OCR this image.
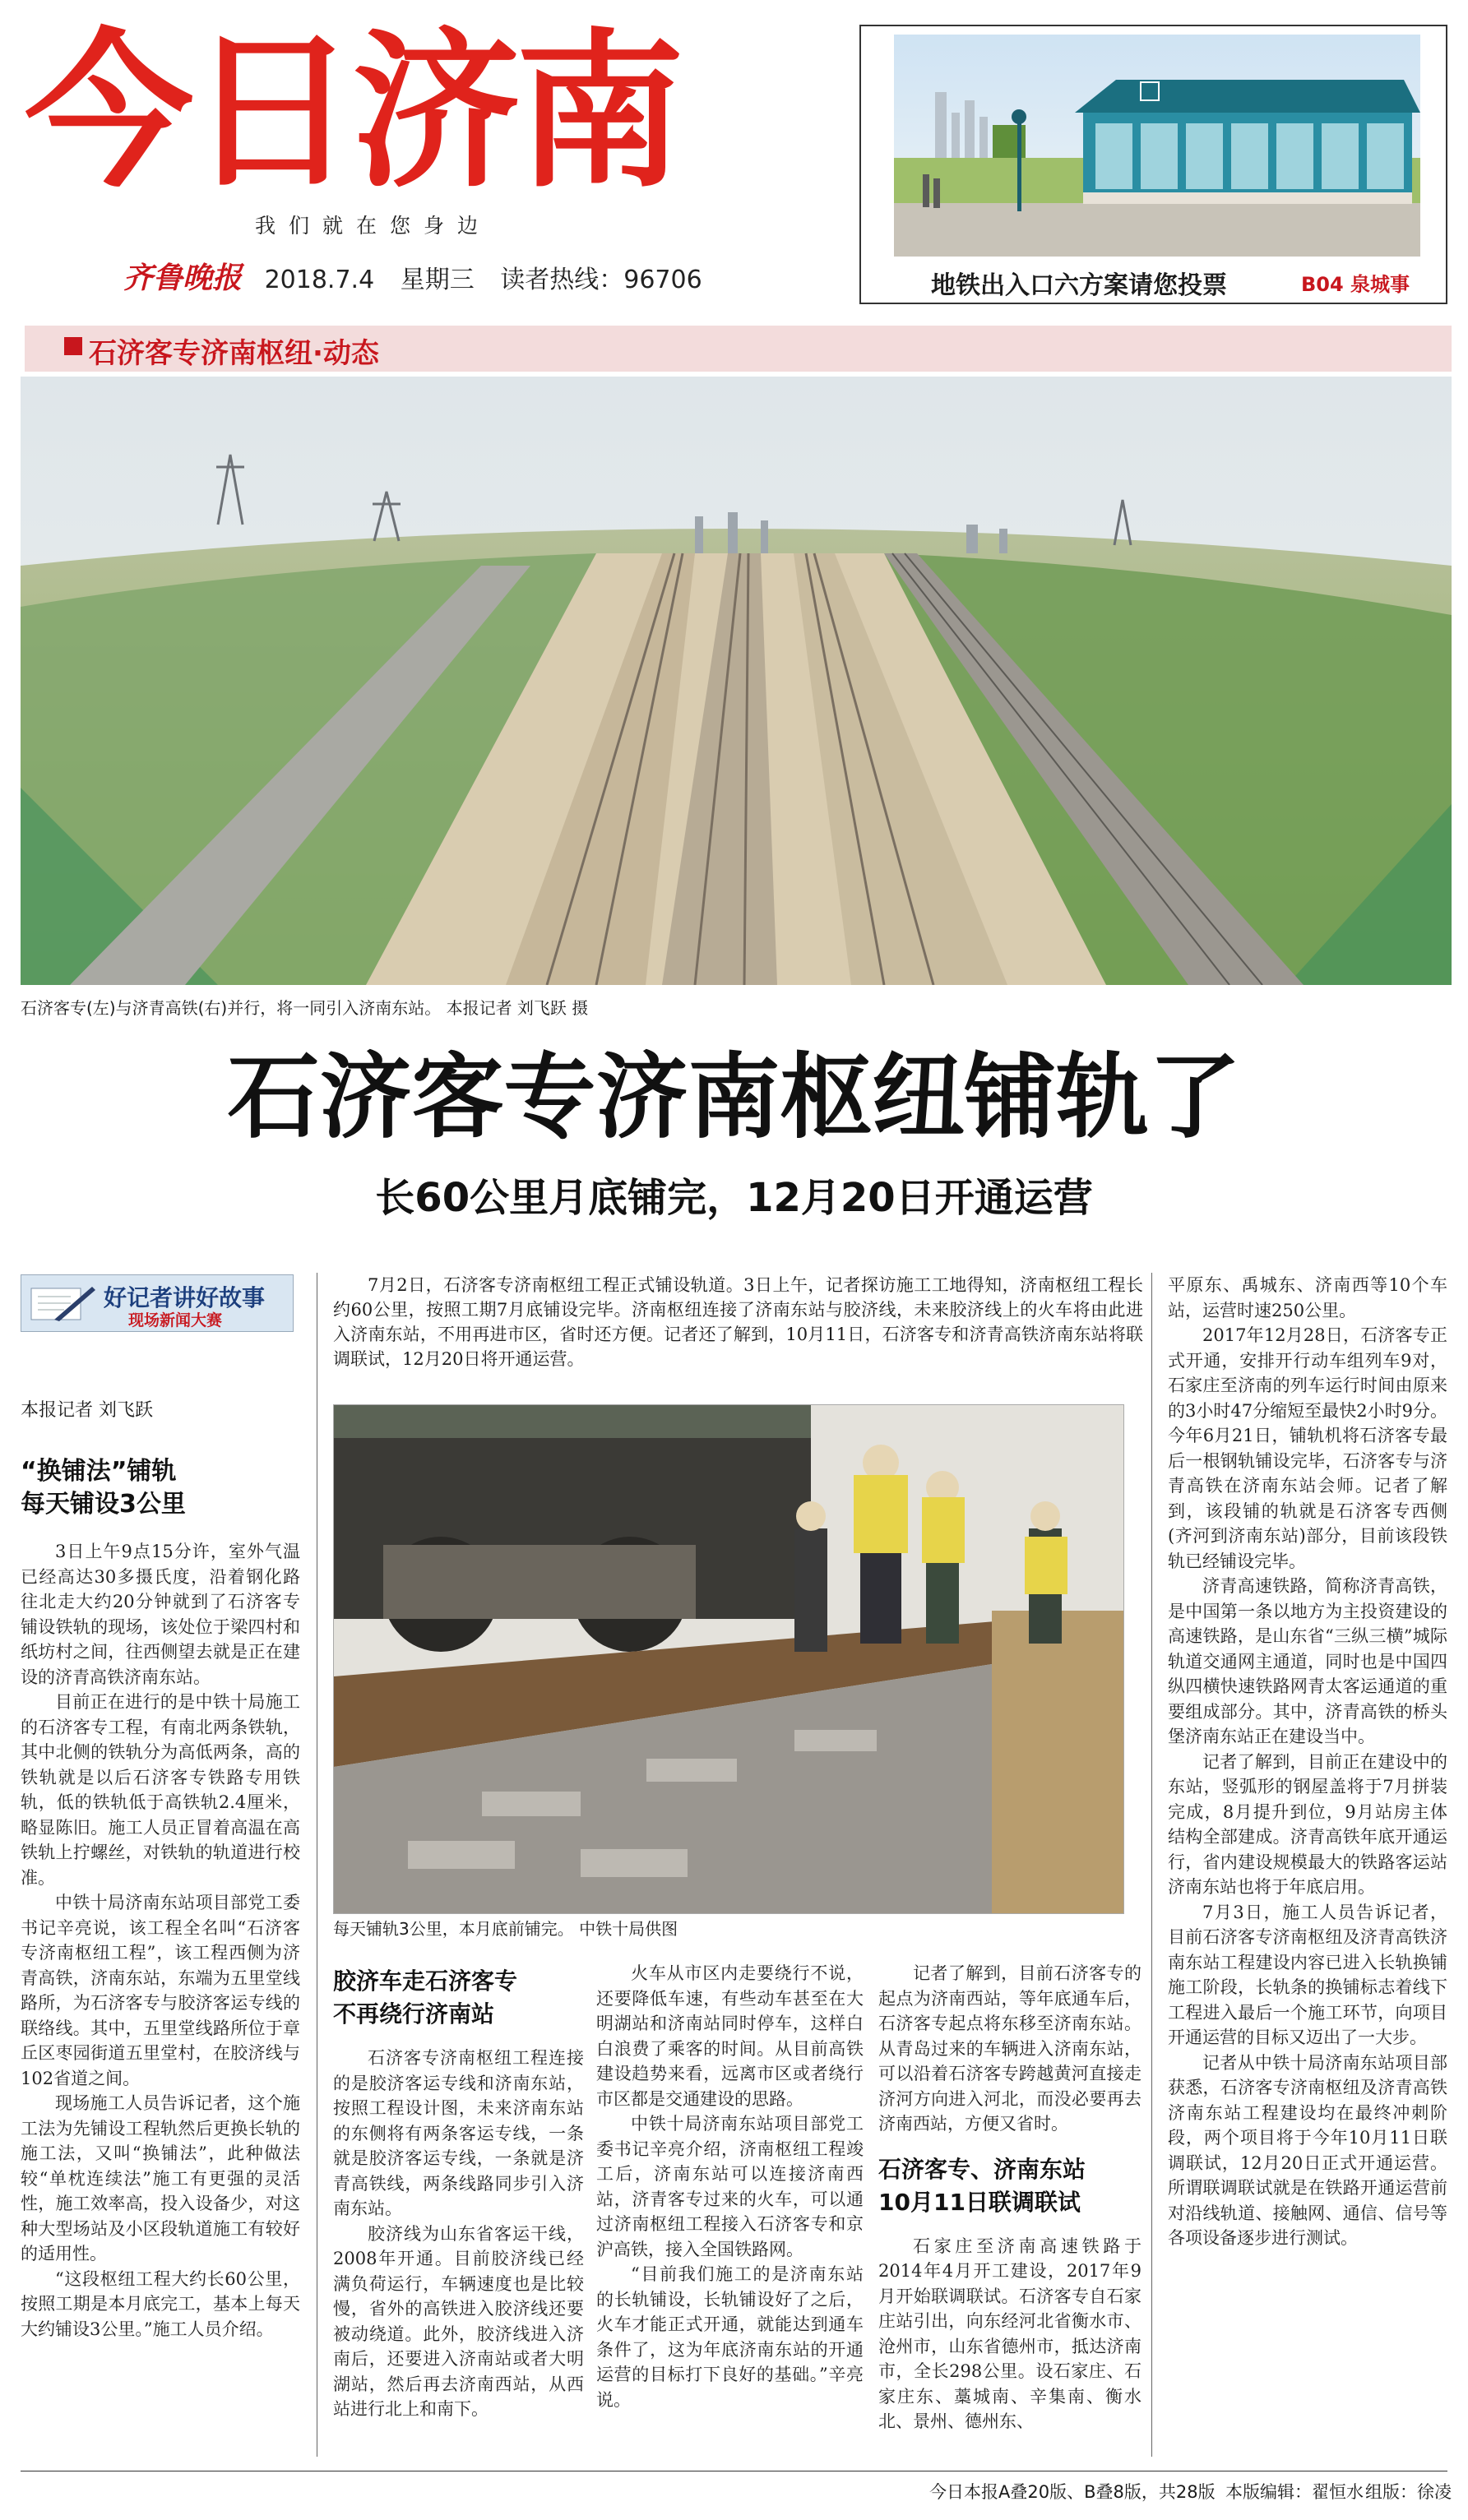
今日济南
我们就在您身边
齐鲁晚报 2018.7.4 星期三 读者热线：96706	地铁出入口六方案请您投票	B04 泉城事
石济客专济南枢纽·动态
石济客专(左)与济青高铁(右)并行，将一同引入济南东站。 本报记者 刘飞跃 摄
石济客专济南枢纽铺轨了
长60公里月底铺完，12月20日开通运营
好记者讲好故事
现场新闻大赛
本报记者 刘飞跃

7月2日，石济客专济南枢纽工程正式铺设轨道。3日上午，记者探访施工工地得知，济南枢纽工程长约60公里，按照工期7月底铺设完毕。济南枢纽连接了济南东站与胶济线，未来胶济线上的火车将由此进入济南东站，不用再进市区，省时还方便。记者还了解到，10月11日，石济客专和济青高铁济南东站将联调联试，12月20日将开通运营。

每天铺轨3公里，本月底前铺完。 中铁十局供图
“换铺法”铺轨
每天铺设3公里

3日上午9点15分许，室外气温已经高达30多摄氏度，沿着钢化路往北走大约20分钟就到了石济客专铺设铁轨的现场，该处位于梁四村和纸坊村之间，往西侧望去就是正在建设的济青高铁济南东站。

目前正在进行的是中铁十局施工的石济客专工程，有南北两条铁轨，其中北侧的铁轨分为高低两条，高的铁轨就是以后石济客专铁路专用铁轨，低的铁轨低于高铁轨2.4厘米，略显陈旧。施工人员正冒着高温在高铁轨上拧螺丝，对铁轨的轨道进行校准。

中铁十局济南东站项目部党工委书记辛亮说，该工程全名叫“石济客专济南枢纽工程”，该工程西侧为济青高铁，济南东站，东端为五里堂线路所，为石济客专与胶济客运专线的联络线。其中，五里堂线路所位于章丘区枣园街道五里堂村，在胶济线与102省道之间。

现场施工人员告诉记者，这个施工法为先铺设工程轨然后更换长轨的施工法，又叫“换铺法”，此种做法较“单枕连续法”施工有更强的灵活性，施工效率高，投入设备少，对这种大型场站及小区段轨道施工有较好的适用性。

“这段枢纽工程大约长60公里，按照工期是本月底完工，基本上每天大约铺设3公里。”施工人员介绍。

胶济车走石济客专
不再绕行济南站

石济客专济南枢纽工程连接的是胶济客运专线和济南东站，按照工程设计图，未来济南东站的东侧将有两条客运专线，一条就是胶济客运专线，一条就是济青高铁线，两条线路同步引入济南东站。

胶济线为山东省客运干线，2008年开通。目前胶济线已经满负荷运行，车辆速度也是比较慢，省外的高铁进入胶济线还要被动绕道。此外，胶济线进入济南后，还要进入济南站或者大明湖站，然后再去济南西站，从西站进行北上和南下。

火车从市区内走要绕行不说，还要降低车速，有些动车甚至在大明湖站和济南站同时停车，这样白白浪费了乘客的时间。从目前高铁建设趋势来看，远离市区或者绕行市区都是交通建设的思路。

中铁十局济南东站项目部党工委书记辛亮介绍，济南枢纽工程竣工后，济南东站可以连接济南西站，济青客专过来的火车，可以通过济南枢纽工程接入石济客专和京沪高铁，接入全国铁路网。

“目前我们施工的是济南东站的长轨铺设，长轨铺设好了之后，火车才能正式开通，就能达到通车条件了，这为年底济南东站的开通运营的目标打下良好的基础。”辛亮说。

记者了解到，目前石济客专的起点为济南西站，等年底通车后，石济客专起点将东移至济南东站。从青岛过来的车辆进入济南东站，可以沿着石济客专跨越黄河直接走济河方向进入河北，而没必要再去济南西站，方便又省时。

石济客专、济南东站
10月11日联调联试

石家庄至济南高速铁路于2014年4月开工建设，2017年9月开始联调联试。石济客专自石家庄站引出，向东经河北省衡水市、沧州市，山东省德州市，抵达济南市，全长298公里。设石家庄、石家庄东、藁城南、辛集南、衡水北、景州、德州东、

平原东、禹城东、济南西等10个车站，运营时速250公里。

2017年12月28日，石济客专正式开通，安排开行动车组列车9对，石家庄至济南的列车运行时间由原来的3小时47分缩短至最快2小时9分。今年6月21日，铺轨机将石济客专最后一根钢轨铺设完毕，石济客专与济青高铁在济南东站会师。记者了解到，该段铺的轨就是石济客专西侧(齐河到济南东站)部分，目前该段铁轨已经铺设完毕。

济青高速铁路，简称济青高铁，是中国第一条以地方为主投资建设的高速铁路，是山东省“三纵三横”城际轨道交通网主通道，同时也是中国四纵四横快速铁路网青太客运通道的重要组成部分。其中，济青高铁的桥头堡济南东站正在建设当中。

记者了解到，目前正在建设中的东站，竖弧形的钢屋盖将于7月拼装完成，8月提升到位，9月站房主体结构全部建成。济青高铁年底开通运行，省内建设规模最大的铁路客运站济南东站也将于年底启用。

7月3日，施工人员告诉记者，目前石济客专济南枢纽及济青高铁济南东站工程建设内容已进入长轨换铺施工阶段，长轨条的换铺标志着线下工程进入最后一个施工环节，向项目开通运营的目标又迈出了一大步。

记者从中铁十局济南东站项目部获悉，石济客专济南枢纽及济青高铁济南东站工程建设均在最终冲刺阶段，两个项目将于今年10月11日联调联试，12月20日正式开通运营。所谓联调联试就是在铁路开通运营前对沿线轨道、接触网、通信、信号等各项设备逐步进行测试。

今日本报A叠20版、B叠8版，共28版 本版编辑：翟恒水 组版：徐凌
